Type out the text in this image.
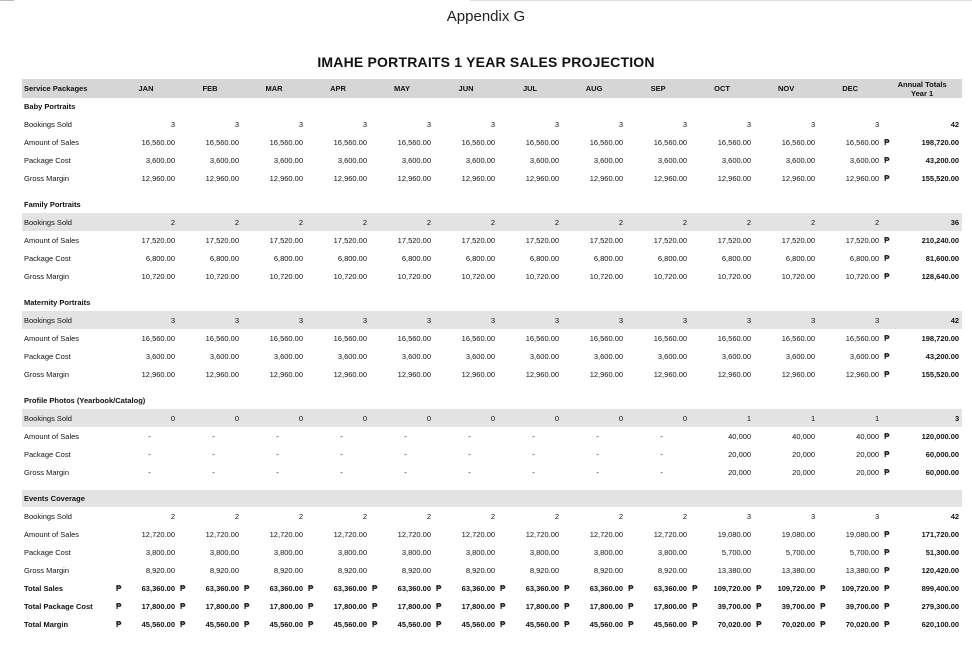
Appendix G
IMAHE PORTRAITS 1 YEAR SALES PROJECTION
Service Packages	JAN		FEB		MAR		APR		MAY		JUN		JUL		AUG		SEP		OCT		NOV		DEC		Annual Totals
Year 1	

Baby Portraits																										
Bookings Sold		3		3		3		3		3		3		3		3		3		3		3		3		42
Amount of Sales		16,560.00		16,560.00		16,560.00		16,560.00		16,560.00		16,560.00		16,560.00		16,560.00		16,560.00		16,560.00		16,560.00		16,560.00	₱	198,720.00
Package Cost		3,600.00		3,600.00		3,600.00		3,600.00		3,600.00		3,600.00		3,600.00		3,600.00		3,600.00		3,600.00		3,600.00		3,600.00	₱	43,200.00
Gross Margin		12,960.00		12,960.00		12,960.00		12,960.00		12,960.00		12,960.00		12,960.00		12,960.00		12,960.00		12,960.00		12,960.00		12,960.00	₱	155,520.00

Family Portraits																										
Bookings Sold		2		2		2		2		2		2		2		2		2		2		2		2		36
Amount of Sales		17,520.00		17,520.00		17,520.00		17,520.00		17,520.00		17,520.00		17,520.00		17,520.00		17,520.00		17,520.00		17,520.00		17,520.00	₱	210,240.00
Package Cost		6,800.00		6,800.00		6,800.00		6,800.00		6,800.00		6,800.00		6,800.00		6,800.00		6,800.00		6,800.00		6,800.00		6,800.00	₱	81,600.00
Gross Margin		10,720.00		10,720.00		10,720.00		10,720.00		10,720.00		10,720.00		10,720.00		10,720.00		10,720.00		10,720.00		10,720.00		10,720.00	₱	128,640.00

Maternity Portraits																										
Bookings Sold		3		3		3		3		3		3		3		3		3		3		3		3		42
Amount of Sales		16,560.00		16,560.00		16,560.00		16,560.00		16,560.00		16,560.00		16,560.00		16,560.00		16,560.00		16,560.00		16,560.00		16,560.00	₱	198,720.00
Package Cost		3,600.00		3,600.00		3,600.00		3,600.00		3,600.00		3,600.00		3,600.00		3,600.00		3,600.00		3,600.00		3,600.00		3,600.00	₱	43,200.00
Gross Margin		12,960.00		12,960.00		12,960.00		12,960.00		12,960.00		12,960.00		12,960.00		12,960.00		12,960.00		12,960.00		12,960.00		12,960.00	₱	155,520.00

Profile Photos (Yearbook/Catalog)																										
Bookings Sold		0		0		0		0		0		0		0		0		0		1		1		1		3
Amount of Sales		-		-		-		-		-		-		-		-		-		40,000		40,000		40,000	₱	120,000.00
Package Cost		-		-		-		-		-		-		-		-		-		20,000		20,000		20,000	₱	60,000.00
Gross Margin		-		-		-		-		-		-		-		-		-		20,000		20,000		20,000	₱	60,000.00

Events Coverage																										
Bookings Sold		2		2		2		2		2		2		2		2		2		3		3		3		42
Amount of Sales		12,720.00		12,720.00		12,720.00		12,720.00		12,720.00		12,720.00		12,720.00		12,720.00		12,720.00		19,080.00		19,080.00		19,080.00	₱	171,720.00
Package Cost		3,800.00		3,800.00		3,800.00		3,800.00		3,800.00		3,800.00		3,800.00		3,800.00		3,800.00		5,700.00		5,700.00		5,700.00	₱	51,300.00
Gross Margin		8,920.00		8,920.00		8,920.00		8,920.00		8,920.00		8,920.00		8,920.00		8,920.00		8,920.00		13,380.00		13,380.00		13,380.00	₱	120,420.00
Total Sales	₱	63,360.00	₱	63,360.00	₱	63,360.00	₱	63,360.00	₱	63,360.00	₱	63,360.00	₱	63,360.00	₱	63,360.00	₱	63,360.00	₱	109,720.00	₱	109,720.00	₱	109,720.00	₱	899,400.00
Total Package Cost	₱	17,800.00	₱	17,800.00	₱	17,800.00	₱	17,800.00	₱	17,800.00	₱	17,800.00	₱	17,800.00	₱	17,800.00	₱	17,800.00	₱	39,700.00	₱	39,700.00	₱	39,700.00	₱	279,300.00
Total Margin	₱	45,560.00	₱	45,560.00	₱	45,560.00	₱	45,560.00	₱	45,560.00	₱	45,560.00	₱	45,560.00	₱	45,560.00	₱	45,560.00	₱	70,020.00	₱	70,020.00	₱	70,020.00	₱	620,100.00
